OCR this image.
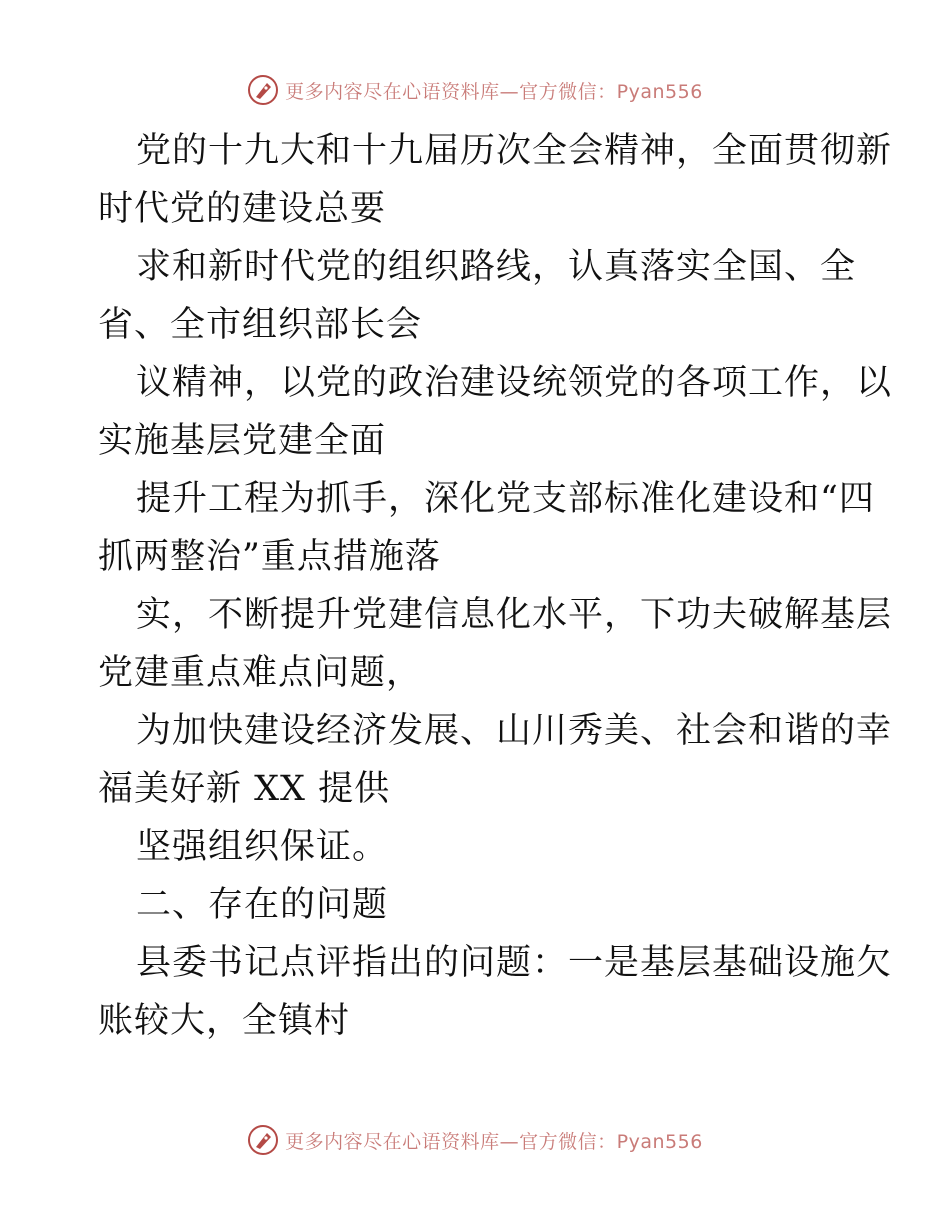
更多内容尽在心语资料库—官方微信：Pyan556
党的十九大和十九届历次全会精神，全面贯彻新
时代党的建设总要
求和新时代党的组织路线，认真落实全国、全
省、全市组织部长会
议精神，以党的政治建设统领党的各项工作，以
实施基层党建全面
提升工程为抓手，深化党支部标准化建设和“四
抓两整治”重点措施落
实，不断提升党建信息化水平，下功夫破解基层
党建重点难点问题，
为加快建设经济发展、山川秀美、社会和谐的幸
福美好新 XX 提供
坚强组织保证。
二、存在的问题
县委书记点评指出的问题：一是基层基础设施欠
账较大，全镇村
更多内容尽在心语资料库—官方微信：Pyan556
